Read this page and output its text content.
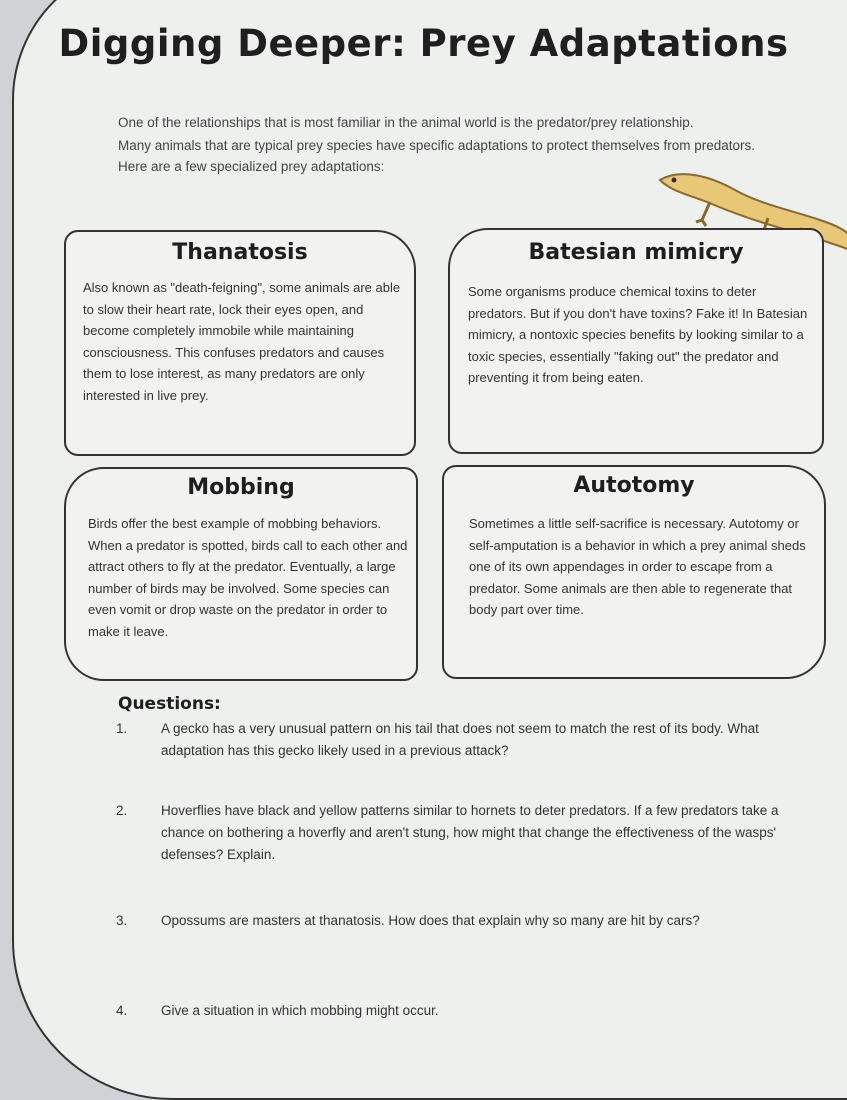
Digging Deeper: Prey Adaptations

One of the relationships that is most familiar in the animal world is the predator/prey relationship.

Many animals that are typical prey species have specific adaptations to protect themselves from predators.

Here are a few specialized prey adaptations:

Thanatosis
Also known as "death-feigning", some animals are able to slow their heart rate, lock their eyes open, and become completely immobile while maintaining consciousness. This confuses predators and causes them to lose interest, as many predators are only interested in live prey.
Batesian mimicry
Some organisms produce chemical toxins to deter predators. But if you don't have toxins? Fake it! In Batesian mimicry, a nontoxic species benefits by looking similar to a toxic species, essentially "faking out" the predator and preventing it from being eaten.
Mobbing
Birds offer the best example of mobbing behaviors. When a predator is spotted, birds call to each other and attract others to fly at the predator. Eventually, a large number of birds may be involved. Some species can even vomit or drop waste on the predator in order to make it leave.
Autotomy
Sometimes a little self-sacrifice is necessary. Autotomy or self-amputation is a behavior in which a prey animal sheds one of its own appendages in order to escape from a predator. Some animals are then able to regenerate that body part over time.
Questions:
1. A gecko has a very unusual pattern on his tail that does not seem to match the rest of its body. What adaptation has this gecko likely used in a previous attack?
2. Hoverflies have black and yellow patterns similar to hornets to deter predators. If a few predators take a chance on bothering a hoverfly and aren't stung, how might that change the effectiveness of the wasps' defenses? Explain.
3. Opossums are masters at thanatosis. How does that explain why so many are hit by cars?
4. Give a situation in which mobbing might occur.
